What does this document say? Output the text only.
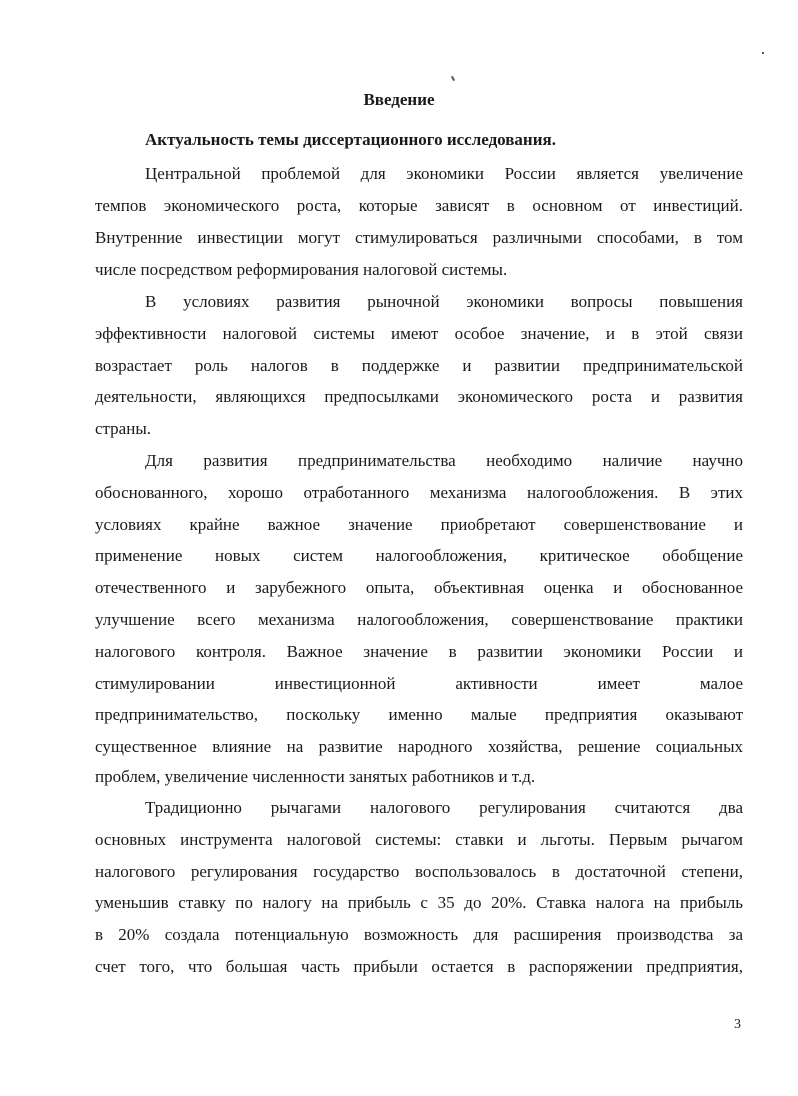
Введение
Актуальность темы диссертационного исследования.
Центральной проблемой для экономики России является увеличение
темпов экономического роста, которые зависят в основном от инвестиций.
Внутренние инвестиции могут стимулироваться различными способами, в том
числе посредством реформирования налоговой системы.
В условиях развития рыночной экономики вопросы повышения
эффективности налоговой системы имеют особое значение, и в этой связи
возрастает роль налогов в поддержке и развитии предпринимательской
деятельности, являющихся предпосылками экономического роста и развития
страны.
Для развития предпринимательства необходимо наличие научно
обоснованного, хорошо отработанного механизма налогообложения. В этих
условиях крайне важное значение приобретают совершенствование и
применение новых систем налогообложения, критическое обобщение
отечественного и зарубежного опыта, объективная оценка и обоснованное
улучшение всего механизма налогообложения, совершенствование практики
налогового контроля. Важное значение в развитии экономики России и
стимулировании инвестиционной активности имеет малое
предпринимательство, поскольку именно малые предприятия оказывают
существенное влияние на развитие народного хозяйства, решение социальных
проблем, увеличение численности занятых работников и т.д.
Традиционно рычагами налогового регулирования считаются два
основных инструмента налоговой системы: ставки и льготы. Первым рычагом
налогового регулирования государство воспользовалось в достаточной степени,
уменьшив ставку по налогу на прибыль с 35 до 20%. Ставка налога на прибыль
в 20% создала потенциальную возможность для расширения производства за
счет того, что большая часть прибыли остается в распоряжении предприятия,
3
